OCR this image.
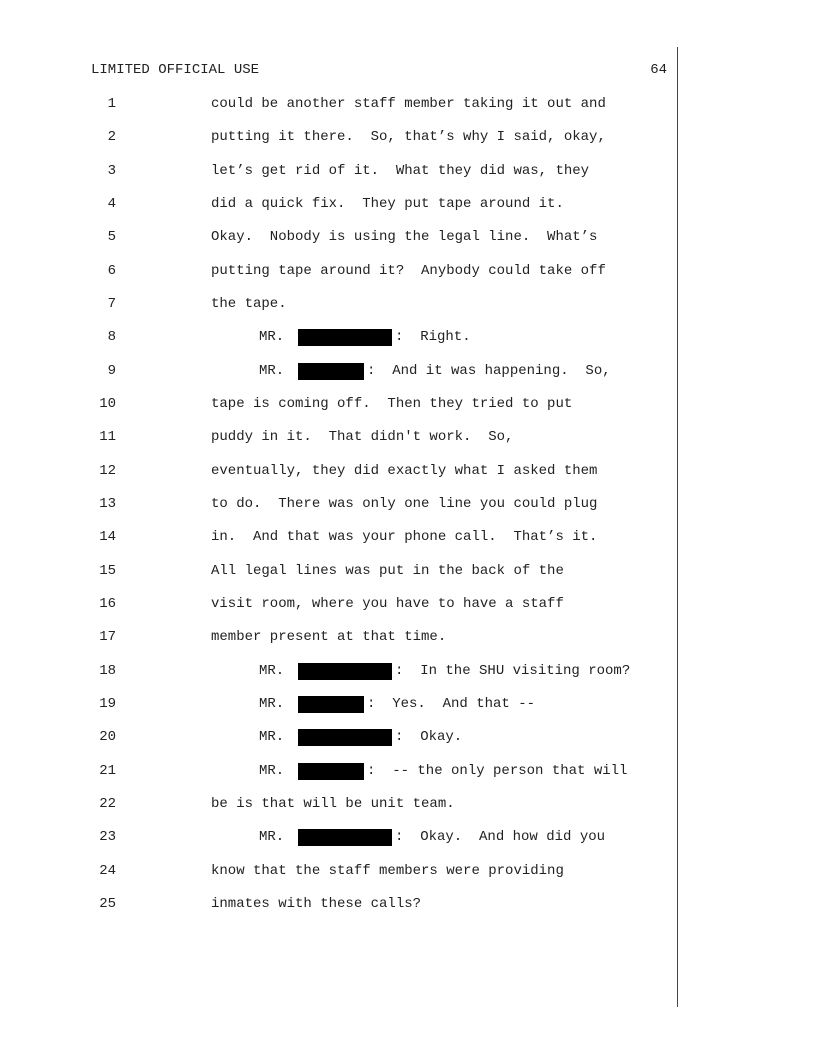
LIMITED OFFICIAL USE	64
1	could be another staff member taking it out and
2	putting it there.  So, that’s why I said, okay,
3	let’s get rid of it.  What they did was, they
4	did a quick fix.  They put tape around it.
5	Okay.  Nobody is using the legal line.  What’s
6	putting tape around it?  Anybody could take off
7	the tape.
8	MR.	:  Right.
9	MR.	:  And it was happening.  So,
10	tape is coming off.  Then they tried to put
11	puddy in it.  That didn't work.  So,
12	eventually, they did exactly what I asked them
13	to do.  There was only one line you could plug
14	in.  And that was your phone call.  That’s it.
15	All legal lines was put in the back of the
16	visit room, where you have to have a staff
17	member present at that time.
18	MR.	:  In the SHU visiting room?
19	MR.	:  Yes.  And that --
20	MR.	:  Okay.
21	MR.	:  -- the only person that will
22	be is that will be unit team.
23	MR.	:  Okay.  And how did you
24	know that the staff members were providing
25	inmates with these calls?
